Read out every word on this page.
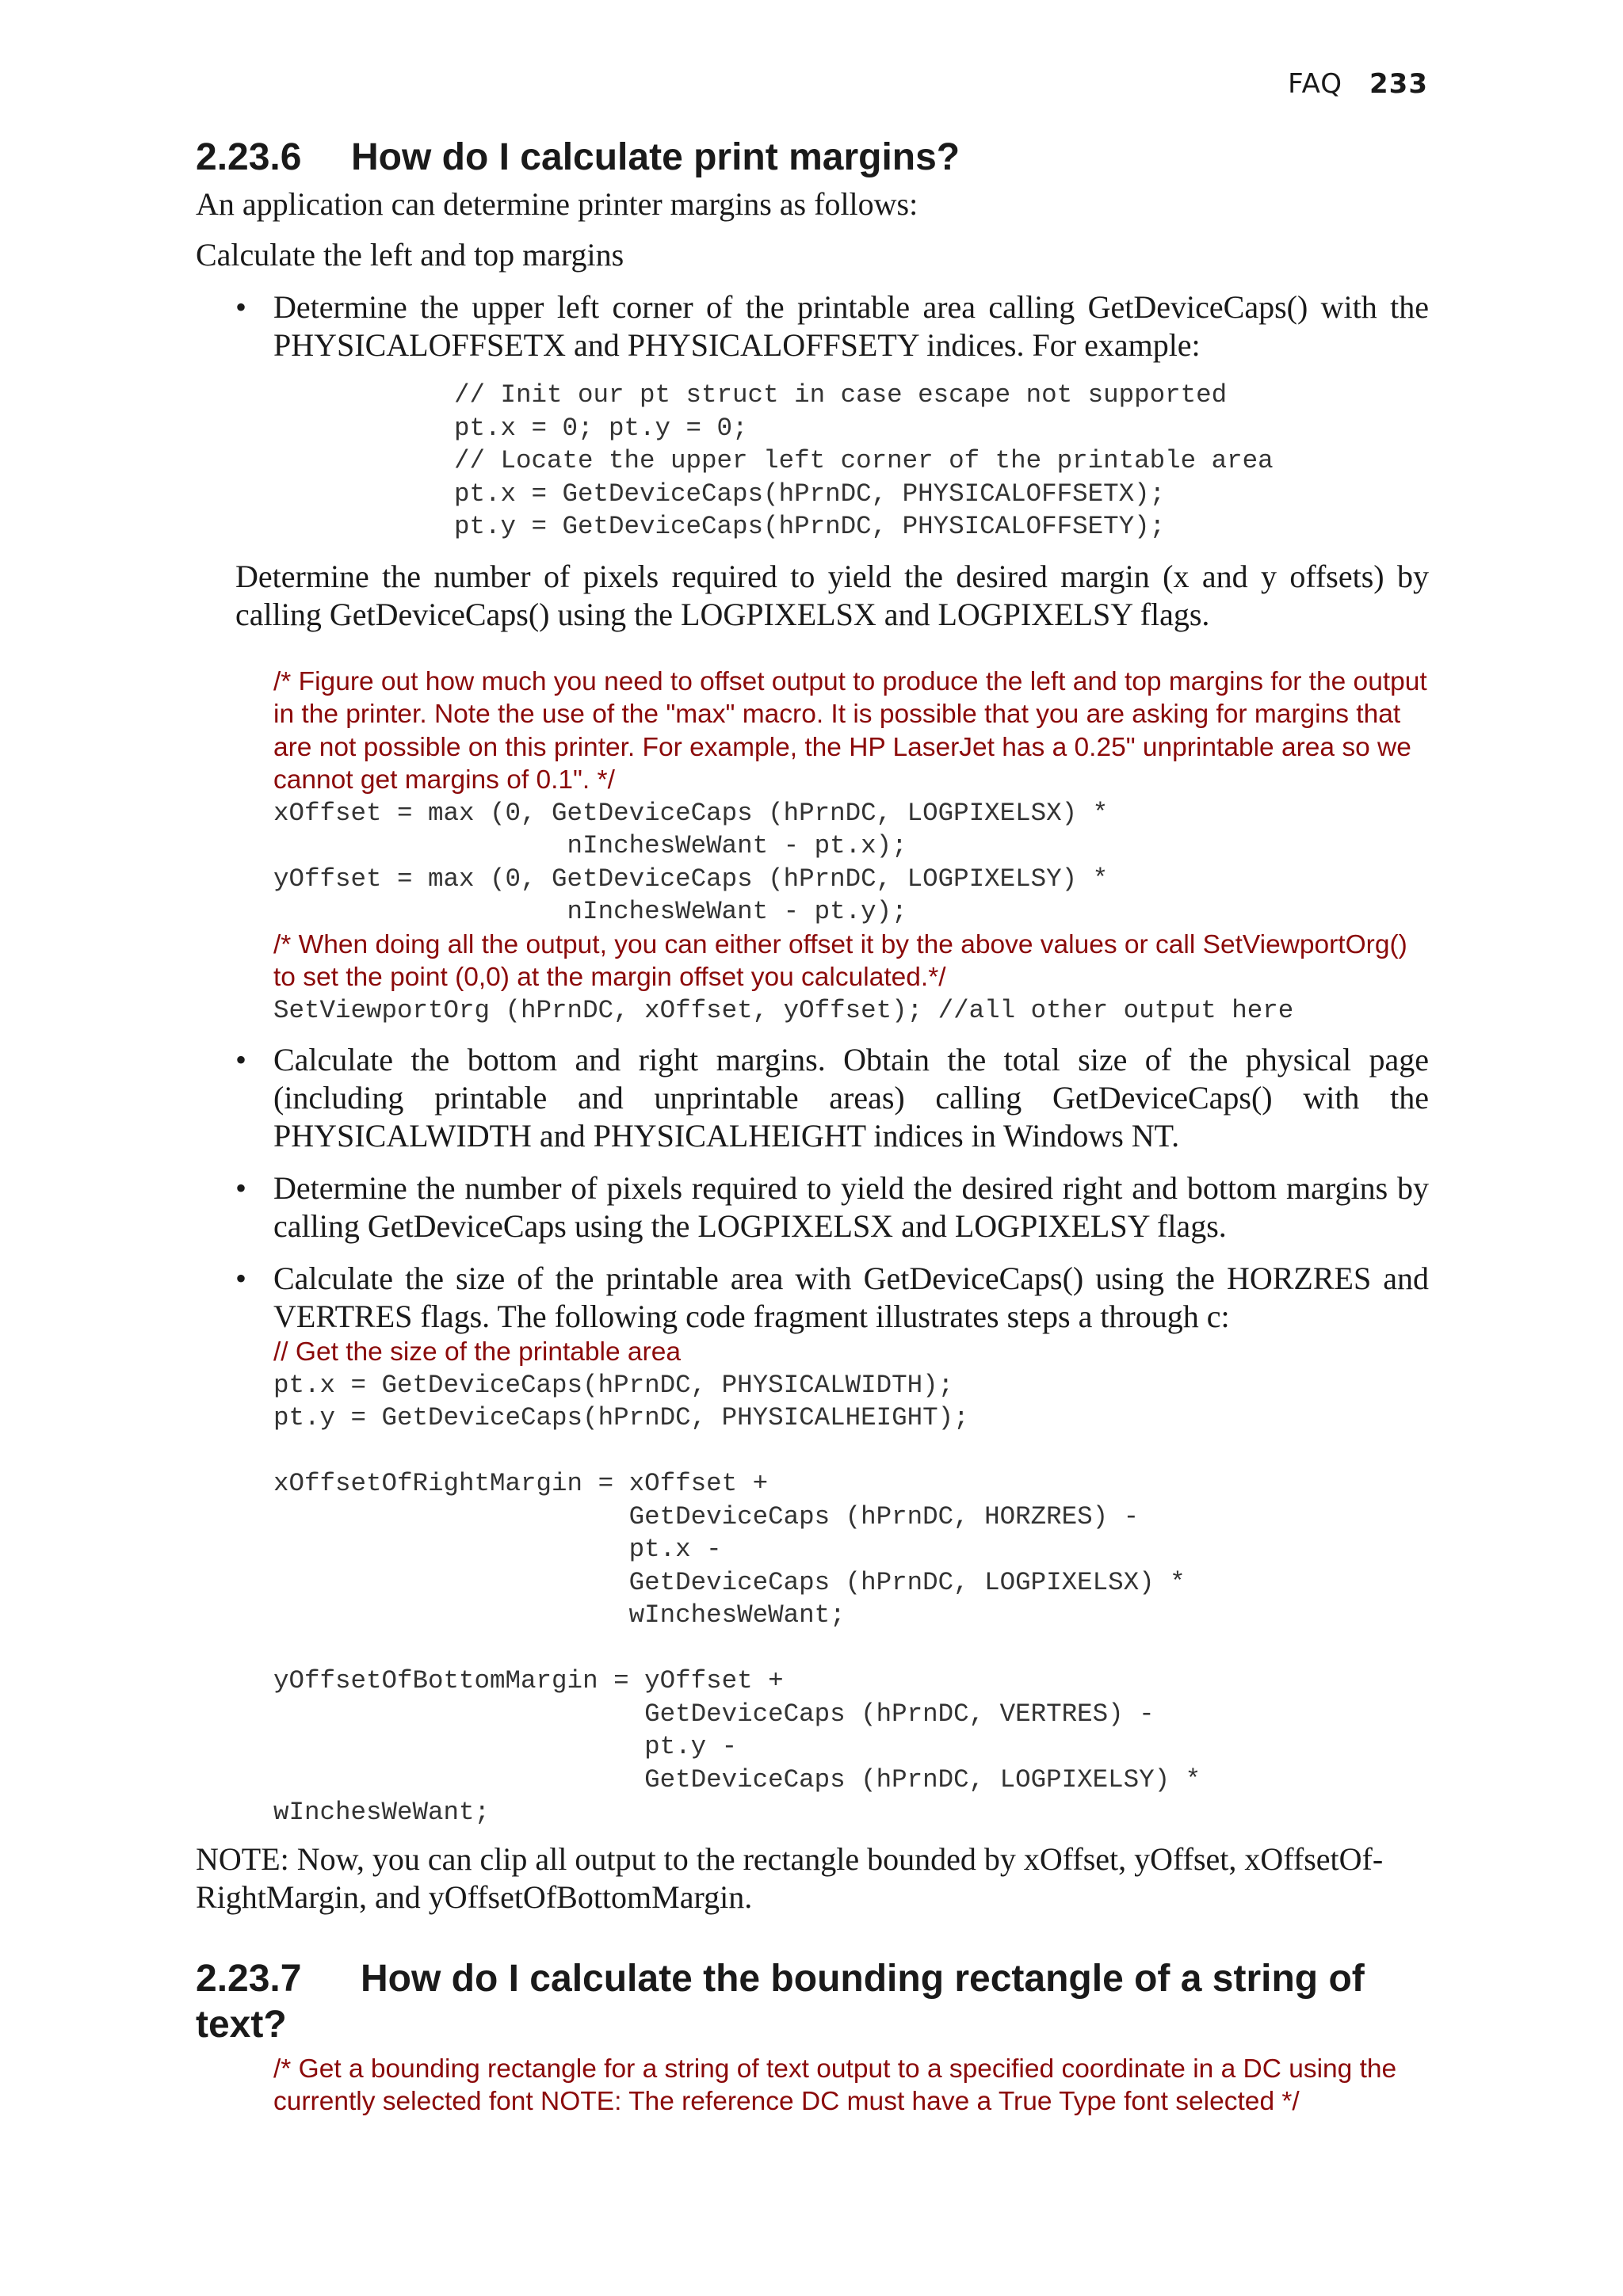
FAQ 233
2.23.6 How do I calculate print margins?

An application can determine printer margins as follows:

Calculate the left and top margins

• Determine the upper left corner of the printable area calling GetDeviceCaps() with the PHYSICALOFFSETX and PHYSICALOFFSETY indices. For example:
// Init our pt struct in case escape not supported
pt.x = 0; pt.y = 0;
// Locate the upper left corner of the printable area
pt.x = GetDeviceCaps(hPrnDC, PHYSICALOFFSETX);
pt.y = GetDeviceCaps(hPrnDC, PHYSICALOFFSETY);

Determine the number of pixels required to yield the desired margin (x and y offsets) by calling GetDeviceCaps() using the LOGPIXELSX and LOGPIXELSY flags.

/* Figure out how much you need to offset output to produce the left and top margins for the output in the printer. Note the use of the "max" macro. It is possible that you are asking for margins that are not possible on this printer. For example, the HP LaserJet has a 0.25" unprintable area so we cannot get margins of 0.1". */
xOffset = max (0, GetDeviceCaps (hPrnDC, LOGPIXELSX) *
nInchesWeWant - pt.x);
yOffset = max (0, GetDeviceCaps (hPrnDC, LOGPIXELSY) *
nInchesWeWant - pt.y);
/* When doing all the output, you can either offset it by the above values or call SetViewportOrg() to set the point (0,0) at the margin offset you calculated.*/
SetViewportOrg (hPrnDC, xOffset, yOffset); //all other output here
• Calculate the bottom and right margins. Obtain the total size of the physical page (including printable and unprintable areas) calling GetDeviceCaps() with the PHYSICALWIDTH and PHYSICALHEIGHT indices in Windows NT.
• Determine the number of pixels required to yield the desired right and bottom margins by calling GetDeviceCaps using the LOGPIXELSX and LOGPIXELSY flags.
• Calculate the size of the printable area with GetDeviceCaps() using the HORZRES and VERTRES flags. The following code fragment illustrates steps a through c:
// Get the size of the printable area
pt.x = GetDeviceCaps(hPrnDC, PHYSICALWIDTH);
pt.y = GetDeviceCaps(hPrnDC, PHYSICALHEIGHT);

xOffsetOfRightMargin = xOffset +
GetDeviceCaps (hPrnDC, HORZRES) -
pt.x -
GetDeviceCaps (hPrnDC, LOGPIXELSX) *
wInchesWeWant;

yOffsetOfBottomMargin = yOffset +
GetDeviceCaps (hPrnDC, VERTRES) -
pt.y -
GetDeviceCaps (hPrnDC, LOGPIXELSY) *
wInchesWeWant;

NOTE: Now, you can clip all output to the rectangle bounded by xOffset, yOffset, xOffsetOf-RightMargin, and yOffsetOfBottomMargin.

2.23.7 How do I calculate the bounding rectangle of a string of text?
/* Get a bounding rectangle for a string of text output to a specified coordinate in a DC using the currently selected font NOTE: The reference DC must have a True Type font selected */
